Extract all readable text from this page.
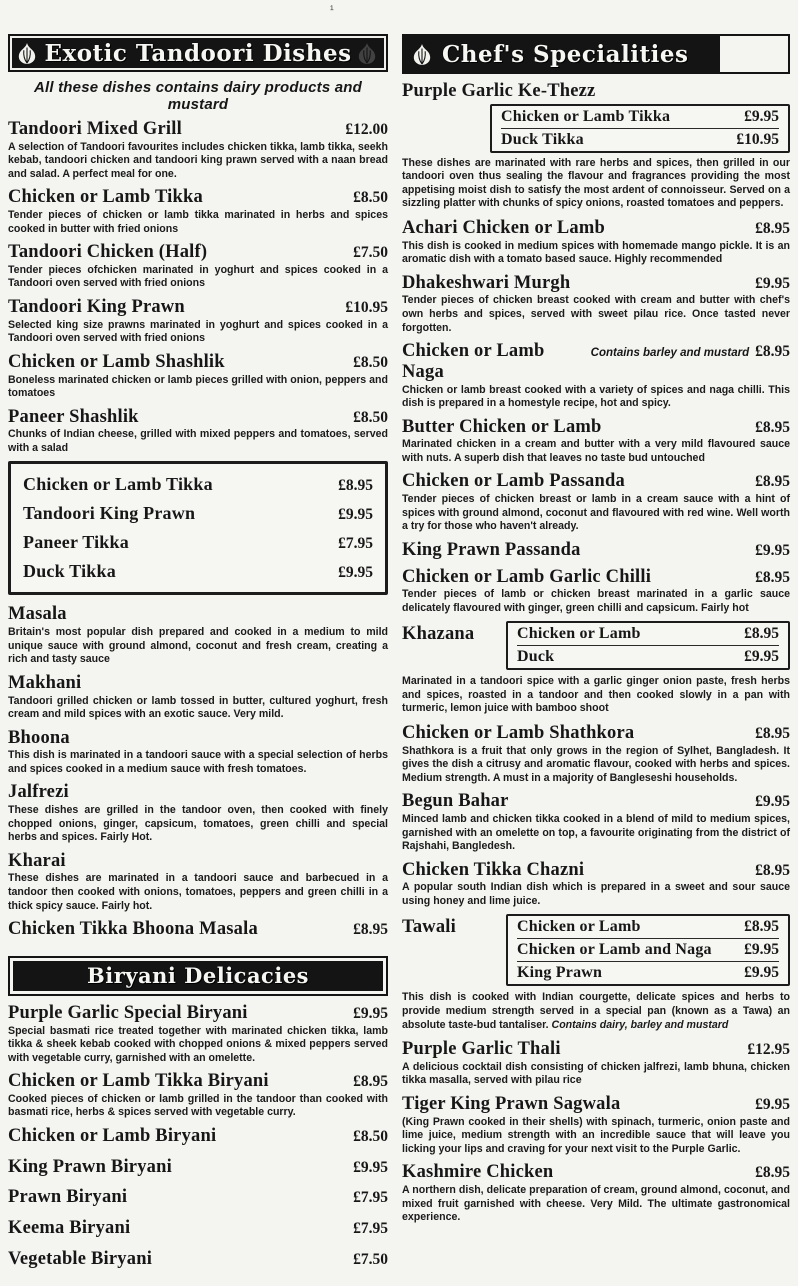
¹
Exotic Tandoori Dishes
All these dishes contains dairy products and mustard
Tandoori Mixed Grill	£12.00

A selection of Tandoori favourites includes chicken tikka, lamb tikka, seekh kebab, tandoori chicken and tandoori king prawn served with a naan bread and salad. A perfect meal for one.

Chicken or Lamb Tikka	£8.50

Tender pieces of chicken or lamb tikka marinated in herbs and spices cooked in butter with fried onions

Tandoori Chicken (Half)	£7.50

Tender pieces ofchicken marinated in yoghurt and spices cooked in a Tandoori oven served with fried onions

Tandoori King Prawn	£10.95

Selected king size prawns marinated in yoghurt and spices cooked in a Tandoori oven served with fried onions

Chicken or Lamb Shashlik	£8.50

Boneless marinated chicken or lamb pieces grilled with onion, peppers and tomatoes

Paneer Shashlik	£8.50

Chunks of Indian cheese, grilled with mixed peppers and tomatoes, served with a salad

Chicken or Lamb Tikka	£8.95
Tandoori King Prawn	£9.95
Paneer Tikka	£7.95
Duck Tikka	£9.95
Masala

Britain's most popular dish prepared and cooked in a medium to mild unique sauce with ground almond, coconut and fresh cream, creating a rich and tasty sauce

Makhani

Tandoori grilled chicken or lamb tossed in butter, cultured yoghurt, fresh cream and mild spices with an exotic sauce. Very mild.

Bhoona

This dish is marinated in a tandoori sauce with a special selection of herbs and spices cooked in a medium sauce with fresh tomatoes.

Jalfrezi

These dishes are grilled in the tandoor oven, then cooked with finely chopped onions, ginger, capsicum, tomatoes, green chilli and special herbs and spices. Fairly Hot.

Kharai

These dishes are marinated in a tandoori sauce and barbecued in a tandoor then cooked with onions, tomatoes, peppers and green chilli in a thick spicy sauce. Fairly hot.

Chicken Tikka Bhoona Masala	£8.95
Biryani Delicacies
Purple Garlic Special Biryani	£9.95

Special basmati rice treated together with marinated chicken tikka, lamb tikka & sheek kebab cooked with chopped onions & mixed peppers served with vegetable curry, garnished with an omelette.

Chicken or Lamb Tikka Biryani	£8.95

Cooked pieces of chicken or lamb grilled in the tandoor than cooked with basmati rice, herbs & spices served with vegetable curry.

Chicken or Lamb Biryani	£8.50
King Prawn Biryani	£9.95
Prawn Biryani	£7.95
Keema Biryani	£7.95
Vegetable Biryani	£7.50
Chef's Specialities
Purple Garlic Ke-Thezz
Chicken or Lamb Tikka	£9.95
Duck Tikka	£10.95

These dishes are marinated with rare herbs and spices, then grilled in our tandoori oven thus sealing the flavour and fragrances providing the most appetising moist dish to satisfy the most ardent of connoisseur. Served on a sizzling platter with chunks of spicy onions, roasted tomatoes and peppers.

Achari Chicken or Lamb	£8.95

This dish is cooked in medium spices with homemade mango pickle. It is an aromatic dish with a tomato based sauce. Highly recommended

Dhakeshwari Murgh	£9.95

Tender pieces of chicken breast cooked with cream and butter with chef's own herbs and spices, served with sweet pilau rice. Once tasted never forgotten.

Chicken or Lamb Naga
Contains barley and mustard £8.95

Chicken or lamb breast cooked with a variety of spices and naga chilli. This dish is prepared in a homestyle recipe, hot and spicy.

Butter Chicken or Lamb	£8.95

Marinated chicken in a cream and butter with a very mild flavoured sauce with nuts. A superb dish that leaves no taste bud untouched

Chicken or Lamb Passanda	£8.95

Tender pieces of chicken breast or lamb in a cream sauce with a hint of spices with ground almond, coconut and flavoured with red wine. Well worth a try for those who haven't already.

King Prawn Passanda	£9.95
Chicken or Lamb Garlic Chilli	£8.95

Tender pieces of lamb or chicken breast marinated in a garlic sauce delicately flavoured with ginger, green chilli and capsicum. Fairly hot

Khazana	Chicken or Lamb	£8.95
Duck	£9.95

Marinated in a tandoori spice with a garlic ginger onion paste, fresh herbs and spices, roasted in a tandoor and then cooked slowly in a pan with turmeric, lemon juice with bamboo shoot

Chicken or Lamb Shathkora	£8.95

Shathkora is a fruit that only grows in the region of Sylhet, Bangladesh. It gives the dish a citrusy and aromatic flavour, cooked with herbs and spices. Medium strength. A must in a majority of Bangleseshi households.

Begun Bahar	£9.95

Minced lamb and chicken tikka cooked in a blend of mild to medium spices, garnished with an omelette on top, a favourite originating from the district of Rajshahi, Bangledesh.

Chicken Tikka Chazni	£8.95

A popular south Indian dish which is prepared in a sweet and sour sauce using honey and lime juice.

Tawali	Chicken or Lamb	£8.95
Chicken or Lamb and Naga £9.95
King Prawn	£9.95

This dish is cooked with Indian courgette, delicate spices and herbs to provide medium strength served in a special pan (known as a Tawa) an absolute taste-bud tantaliser. Contains dairy, barley and mustard

Purple Garlic Thali	£12.95

A delicious cocktail dish consisting of chicken jalfrezi, lamb bhuna, chicken tikka masalla, served with pilau rice

Tiger King Prawn Sagwala	£9.95

(King Prawn cooked in their shells) with spinach, turmeric, onion paste and lime juice, medium strength with an incredible sauce that will leave you licking your lips and craving for your next visit to the Purple Garlic.

Kashmire Chicken	£8.95

A northern dish, delicate preparation of cream, ground almond, coconut, and mixed fruit garnished with cheese. Very Mild. The ultimate gastronomical experience.
